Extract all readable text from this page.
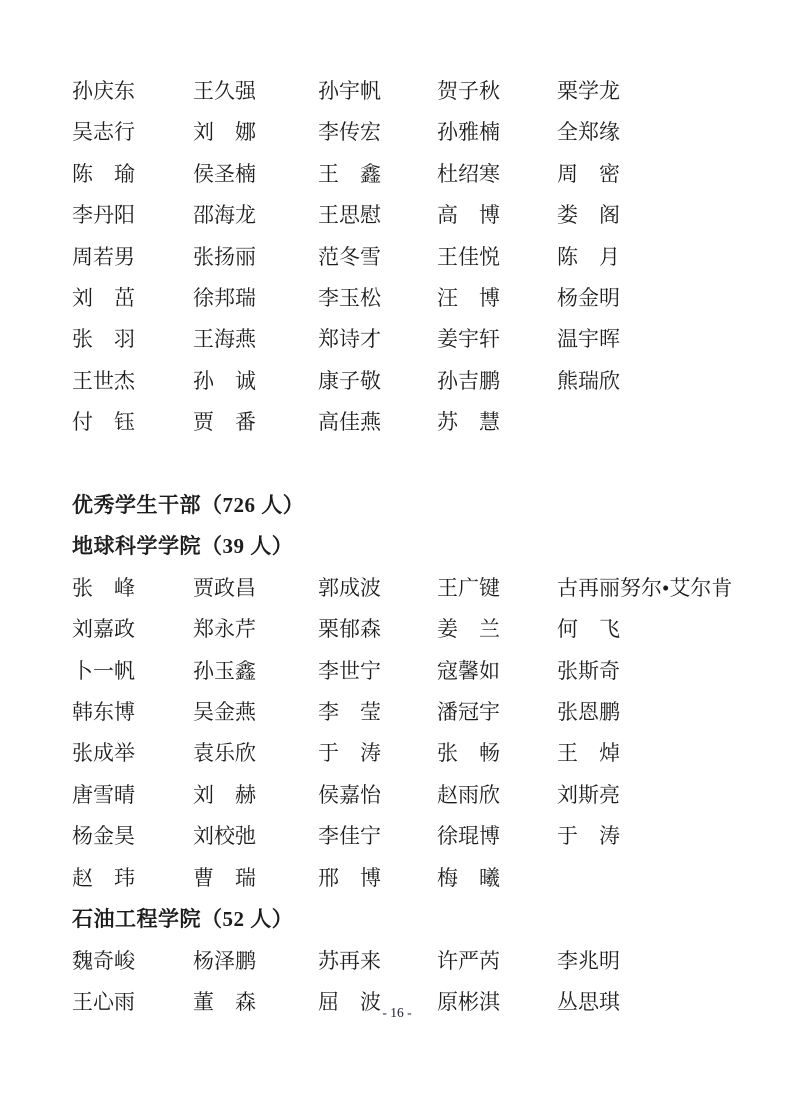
孙庆东	王久强	孙宇帆	贺子秋	栗学龙
吴志行	刘　娜	李传宏	孙雅楠	全郑缘
陈　瑜	侯圣楠	王　鑫	杜绍寒	周　密
李丹阳	邵海龙	王思慰	高　博	娄　阁
周若男	张扬丽	范冬雪	王佳悦	陈　月
刘　茁	徐邦瑞	李玉松	汪　博	杨金明
张　羽	王海燕	郑诗才	姜宇轩	温宇晖
王世杰	孙　诚	康子敬	孙吉鹏	熊瑞欣
付　钰	贾　番	高佳燕	苏　慧
优秀学生干部（726 人）
地球科学学院（39 人）
张　峰	贾政昌	郭成波	王广键	古再丽努尔•艾尔肯
刘嘉政	郑永芹	栗郁森	姜　兰	何　飞
卜一帆	孙玉鑫	李世宁	寇馨如	张斯奇
韩东博	吴金燕	李　莹	潘冠宇	张恩鹏
张成举	袁乐欣	于　涛	张　畅	王　焯
唐雪晴	刘　赫	侯嘉怡	赵雨欣	刘斯亮
杨金昊	刘校弛	李佳宁	徐琨博	于　涛
赵　玮	曹　瑞	邢　博	梅　曦
石油工程学院（52 人）
魏奇峻	杨泽鹏	苏再来	许严芮	李兆明
王心雨	董　森	屈　波	原彬淇	丛思琪
- 16 -
